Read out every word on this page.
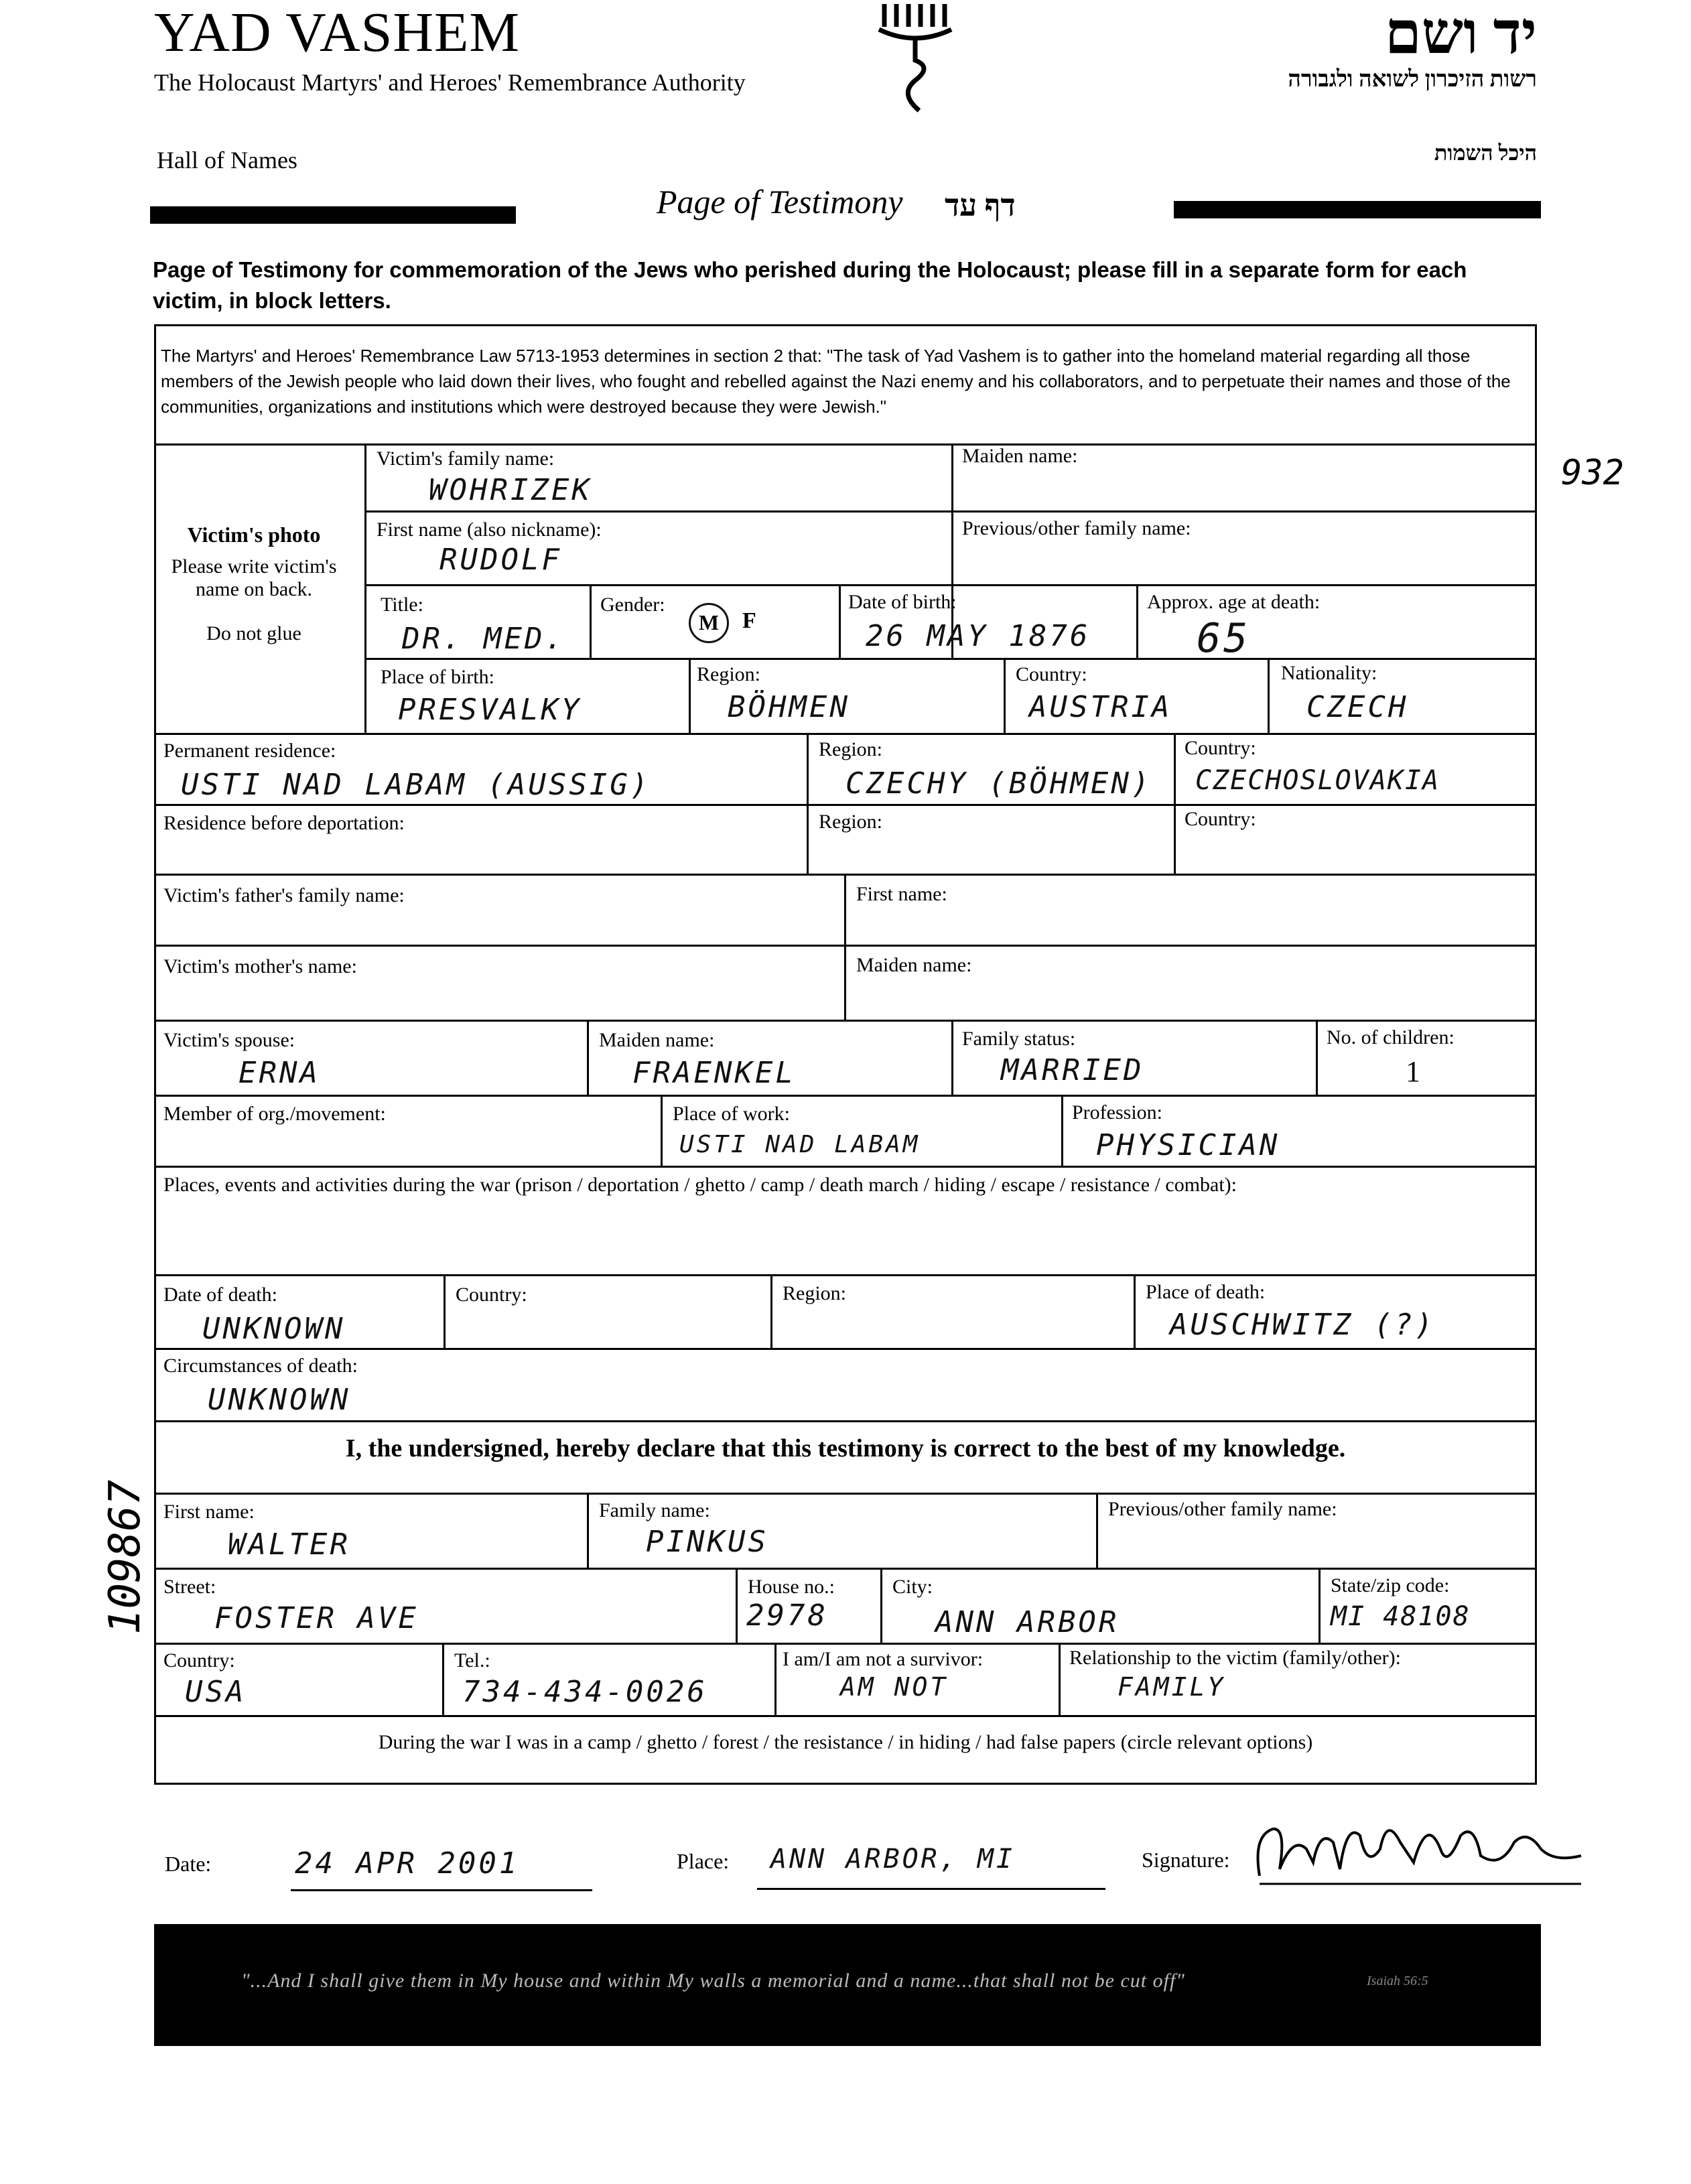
YAD VASHEM
The Holocaust Martyrs' and Heroes' Remembrance Authority
יד ושם
רשות הזיכרון לשואה ולגבורה
Hall of Names	היכל השמות
Page of Testimony דף עד
Page of Testimony for commemoration of the Jews who perished during the Holocaust; please fill in a separate form for each victim, in block letters.
The Martyrs' and Heroes' Remembrance Law 5713-1953 determines in section 2 that: "The task of Yad Vashem is to gather into the homeland material regarding all those members of the Jewish people who laid down their lives, who fought and rebelled against the Nazi enemy and his collaborators, and to perpetuate their names and those of the communities, organizations and institutions which were destroyed because they were Jewish."
Victim's photo
Please write victim's name on back.
Do not glue
Victim's family name:
WOHRIZEK
Maiden name:
First name (also nickname):
RUDOLF
Previous/other family name:
Title:
DR. MED.
Gender:
M	F
Date of birth:
26 MAY 1876
Approx. age at death:
65
Place of birth:
PRESVALKY
Region:
BÖHMEN
Country:
AUSTRIA
Nationality:
CZECH
Permanent residence:
USTI NAD LABAM (AUSSIG)
Region:
CZECHY (BÖHMEN)
Country:
CZECHOSLOVAKIA
Residence before deportation:	Region:	Country:
Victim's father's family name:	First name:
Victim's mother's name:	Maiden name:
Victim's spouse:
ERNA
Maiden name:
FRAENKEL
Family status:
MARRIED
No. of children:
1
Member of org./movement:	Place of work:
USTI NAD LABAM
Profession:
PHYSICIAN
Places, events and activities during the war (prison / deportation / ghetto / camp / death march / hiding / escape / resistance / combat):
Date of death:
UNKNOWN
Country:	Region:	Place of death:
AUSCHWITZ (?)
Circumstances of death:
UNKNOWN
I, the undersigned, hereby declare that this testimony is correct to the best of my knowledge.
First name:
WALTER
Family name:
PINKUS
Previous/other family name:
Street:
FOSTER AVE
House no.:
2978
City:
ANN ARBOR
State/zip code:
MI 48108
Country:
USA
Tel.:
734-434-0026
I am/I am not a survivor:
AM NOT
Relationship to the victim (family/other):
FAMILY
During the war I was in a camp / ghetto / forest / the resistance / in hiding / had false papers (circle relevant options)
Date:	24 APR 2001	Place: ANN ARBOR, MI	Signature:
"...And I shall give them in My house and within My walls a memorial and a name...that shall not be cut off"	Isaiah 56:5
109867
932
